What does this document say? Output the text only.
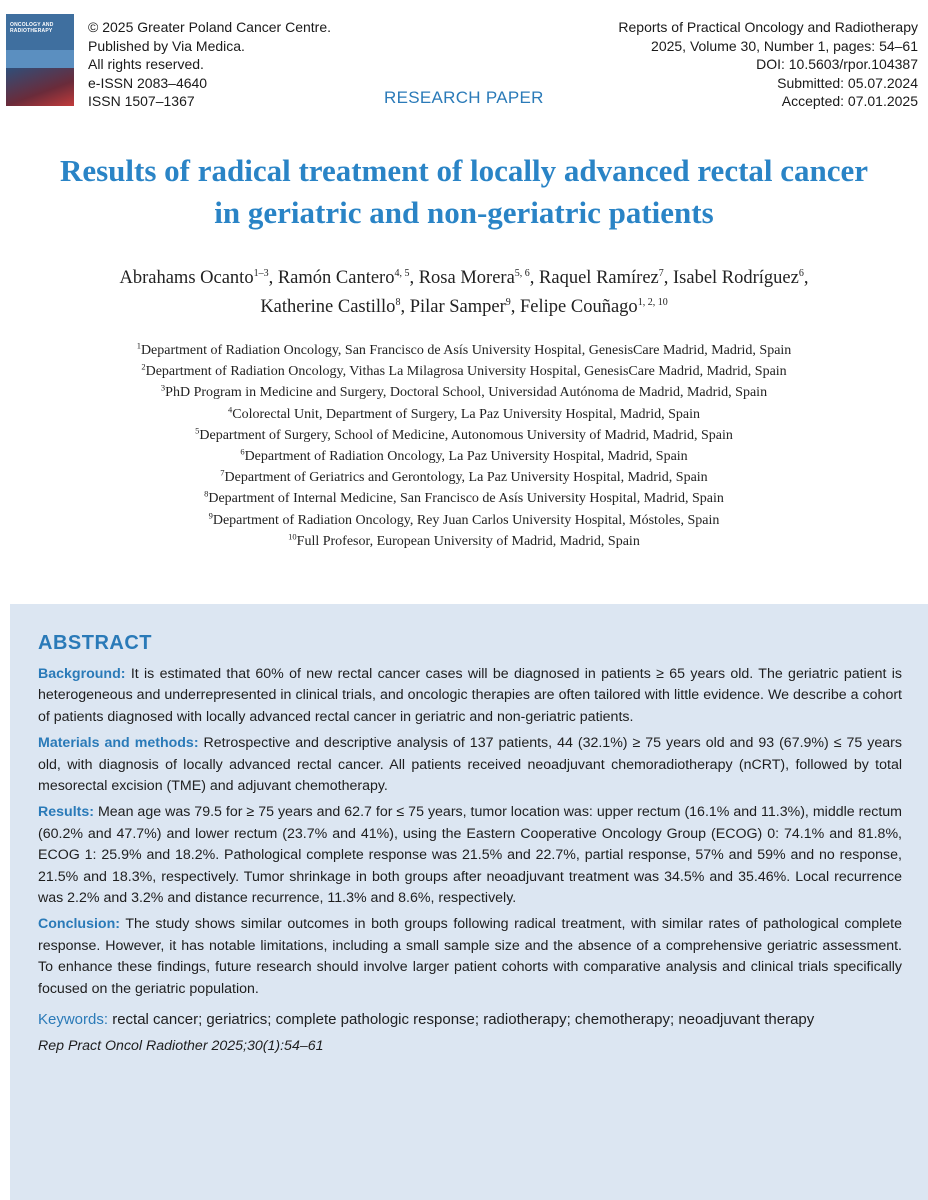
ONCOLOGY AND
RADIOTHERAPY	© 2025 Greater Poland Cancer Centre.
Published by Via Medica.
All rights reserved.
e-ISSN 2083–4640
ISSN 1507–1367
Reports of Practical Oncology and Radiotherapy
2025, Volume 30, Number 1, pages: 54–61
DOI: 10.5603/rpor.104387
Submitted: 05.07.2024
Accepted: 07.01.2025
RESEARCH PAPER
Results of radical treatment of locally advanced rectal cancer
in geriatric and non-geriatric patients
Abrahams Ocanto$^{1-3}$, Ramón Cantero$^{4, 5}$, Rosa Morera$^{5, 6}$, Raquel Ramírez$^7$, Isabel Rodríguez$^6$,
Katherine Castillo$^8$, Pilar Samper$^9$, Felipe Couñago$^{1, 2, 10}$
$^1$Department of Radiation Oncology, San Francisco de Asís University Hospital, GenesisCare Madrid, Madrid, Spain
$^2$Department of Radiation Oncology, Vithas La Milagrosa University Hospital, GenesisCare Madrid, Madrid, Spain
$^3$PhD Program in Medicine and Surgery, Doctoral School, Universidad Autónoma de Madrid, Madrid, Spain
$^4$Colorectal Unit, Department of Surgery, La Paz University Hospital, Madrid, Spain
$^5$Department of Surgery, School of Medicine, Autonomous University of Madrid, Madrid, Spain
$^6$Department of Radiation Oncology, La Paz University Hospital, Madrid, Spain
$^7$Department of Geriatrics and Gerontology, La Paz University Hospital, Madrid, Spain
$^8$Department of Internal Medicine, San Francisco de Asís University Hospital, Madrid, Spain
$^9$Department of Radiation Oncology, Rey Juan Carlos University Hospital, Móstoles, Spain
$^{10}$Full Profesor, European University of Madrid, Madrid, Spain
ABSTRACT

Background: It is estimated that 60% of new rectal cancer cases will be diagnosed in patients ≥ 65 years old. The geriatric patient is heterogeneous and underrepresented in clinical trials, and oncologic therapies are often tailored with little evidence. We describe a cohort of patients diagnosed with locally advanced rectal cancer in geriatric and non-geriatric patients.

Materials and methods: Retrospective and descriptive analysis of 137 patients, 44 (32.1%) ≥ 75 years old and 93 (67.9%) ≤ 75 years old, with diagnosis of locally advanced rectal cancer. All patients received neoadjuvant chemoradiotherapy (nCRT), followed by total mesorectal excision (TME) and adjuvant chemotherapy.

Results: Mean age was 79.5 for ≥ 75 years and 62.7 for ≤ 75 years, tumor location was: upper rectum (16.1% and 11.3%), middle rectum (60.2% and 47.7%) and lower rectum (23.7% and 41%), using the Eastern Cooperative Oncology Group (ECOG) 0: 74.1% and 81.8%, ECOG 1: 25.9% and 18.2%. Pathological complete response was 21.5% and 22.7%, partial response, 57% and 59% and no response, 21.5% and 18.3%, respectively. Tumor shrinkage in both groups after neoadjuvant treatment was 34.5% and 35.46%. Local recurrence was 2.2% and 3.2% and distance recurrence, 11.3% and 8.6%, respectively.

Conclusion: The study shows similar outcomes in both groups following radical treatment, with similar rates of pathological complete response. However, it has notable limitations, including a small sample size and the absence of a comprehensive geriatric assessment. To enhance these findings, future research should involve larger patient cohorts with comparative analysis and clinical trials specifically focused on the geriatric population.

Keywords: rectal cancer; geriatrics; complete pathologic response; radiotherapy; chemotherapy; neoadjuvant therapy

Rep Pract Oncol Radiother 2025;30(1):54–61
